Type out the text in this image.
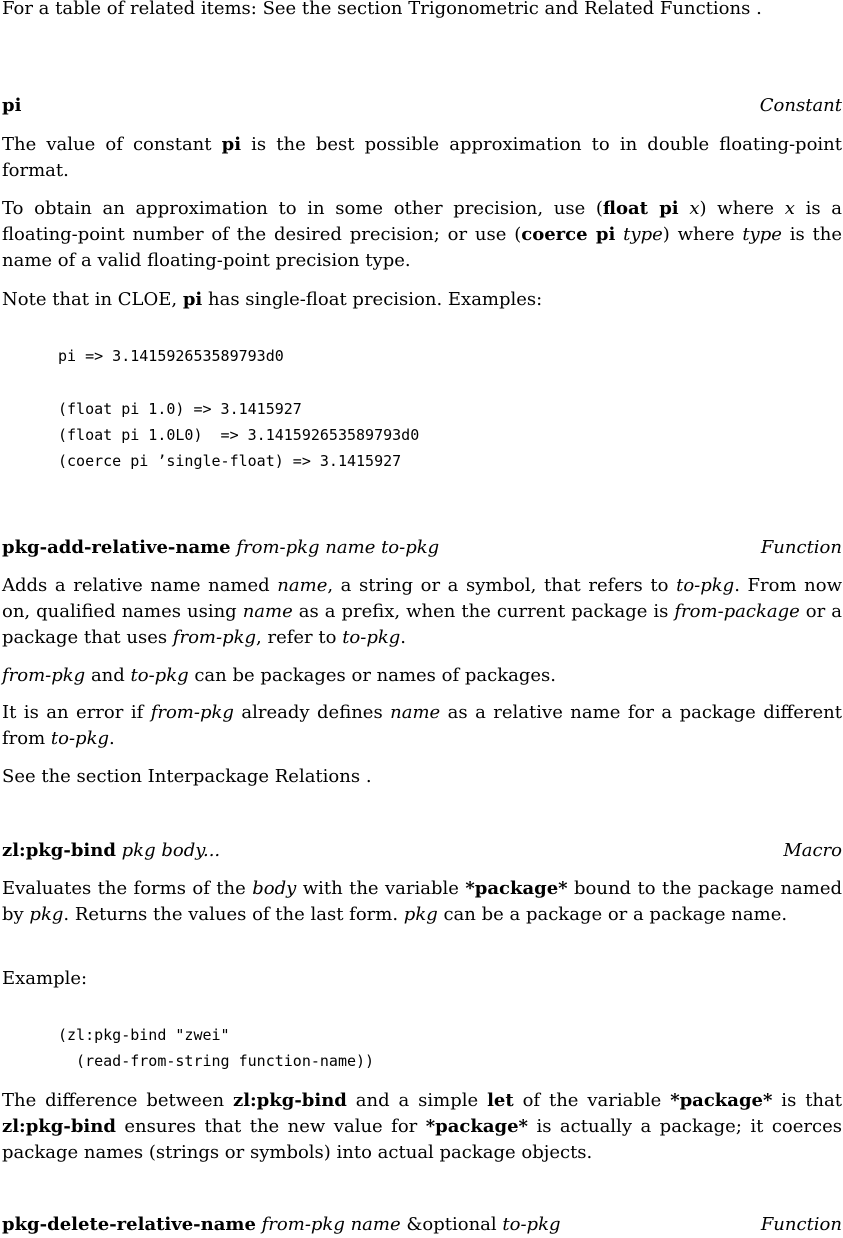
For a table of related items: See the section Trigonometric and Related Functions .

pi	Constant

The value of constant pi is the best possible approximation to in double floating-point format.

To obtain an approximation to in some other precision, use (float pi x) where x is a floating-point number of the desired precision; or use (coerce pi type) where type is the name of a valid floating-point precision type.

Note that in CLOE, pi has single-float precision. Examples:

pi => 3.141592653589793d0
(float pi 1.0) => 3.1415927
(float pi 1.0L0)  => 3.141592653589793d0
(coerce pi ’single-float) => 3.1415927
pkg-add-relative-name from-pkg name to-pkg	Function

Adds a relative name named name, a string or a symbol, that refers to to-pkg. From now on, qualified names using name as a prefix, when the current package is from-package or a package that uses from-pkg, refer to to-pkg.

from-pkg and to-pkg can be packages or names of packages.

It is an error if from-pkg already defines name as a relative name for a package different from to-pkg.

See the section Interpackage Relations .

zl:pkg-bind pkg body...	Macro

Evaluates the forms of the body with the variable *package* bound to the package named by pkg. Returns the values of the last form. pkg can be a package or a package name.

Example:

(zl:pkg-bind "zwei"
(read-from-string function-name))

The difference between zl:pkg-bind and a simple let of the variable *package* is that zl:pkg-bind ensures that the new value for *package* is actually a package; it coerces package names (strings or symbols) into actual package objects.

pkg-delete-relative-name from-pkg name &optional to-pkg	Function
